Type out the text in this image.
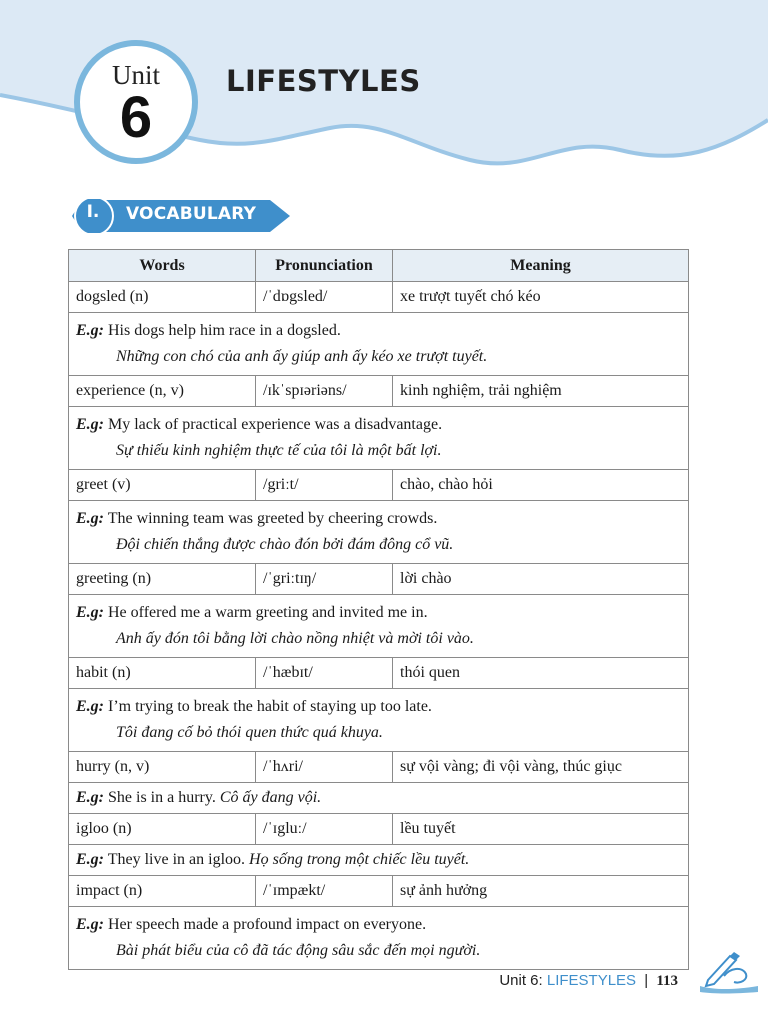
Unit
6
LIFESTYLES
I.	VOCABULARY
Words	Pronunciation	Meaning
dogsled (n)	/ˈdɒgsled/	xe trượt tuyết chó kéo

E.g: His dogs help him race in a dogsled.
Những con chó của anh ấy giúp anh ấy kéo xe trượt tuyết.		

experience (n, v)	/ɪkˈspɪəriəns/	kinh nghiệm, trải nghiệm

E.g: My lack of practical experience was a disadvantage.
Sự thiếu kinh nghiệm thực tế của tôi là một bất lợi.		

greet (v)	/griːt/	chào, chào hỏi

E.g: The winning team was greeted by cheering crowds.
Đội chiến thắng được chào đón bởi đám đông cổ vũ.		

greeting (n)	/ˈgriːtɪŋ/	lời chào

E.g: He offered me a warm greeting and invited me in.
Anh ấy đón tôi bằng lời chào nồng nhiệt và mời tôi vào.		

habit (n)	/ˈhæbɪt/	thói quen

E.g: I’m trying to break the habit of staying up too late.
Tôi đang cố bỏ thói quen thức quá khuya.		

hurry (n, v)	/ˈhʌri/	sự vội vàng; đi vội vàng, thúc giục
E.g: She is in a hurry. Cô ấy đang vội.		
igloo (n)	/ˈɪgluː/	lều tuyết
E.g: They live in an igloo. Họ sống trong một chiếc lều tuyết.		
impact (n)	/ˈɪmpækt/	sự ảnh hưởng

E.g: Her speech made a profound impact on everyone.
Bài phát biểu của cô đã tác động sâu sắc đến mọi người.		
Unit 6: LIFESTYLES | 113
